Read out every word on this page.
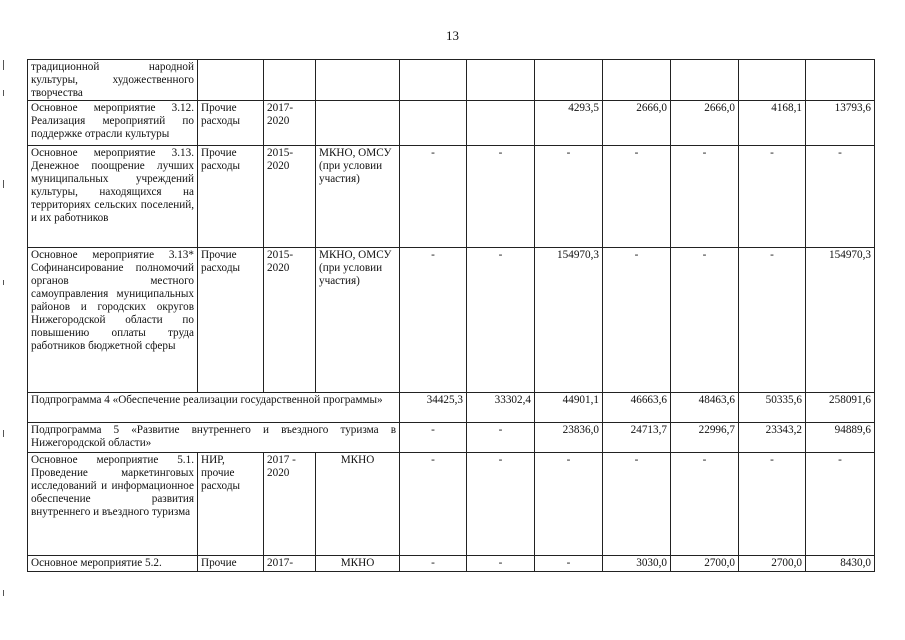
13
традиционной народной культуры, художественного творчества										
Основное мероприятие 3.12. Реализация мероприятий по поддержке отрасли культуры	Прочие расходы	2017-2020				4293,5	2666,0	2666,0	4168,1	13793,6
Основное мероприятие 3.13. Денежное поощрение лучших муниципальных учреждений культуры, находящихся на территориях сельских поселений, и их работников	Прочие расходы	2015-2020	МКНО, ОМСУ (при условии участия)	-	-	-	-	-	-	-
Основное мероприятие 3.13* Софинансирование полномочий органов местного самоуправления муниципальных районов и городских округов Нижегородской области по повышению оплаты труда работников бюджетной сферы	Прочие расходы	2015-2020	МКНО, ОМСУ (при условии участия)	-	-	154970,3	-	-	-	154970,3
Подпрограмма 4 «Обеспечение реализации государственной программы»				34425,3	33302,4	44901,1	46663,6	48463,6	50335,6	258091,6
Подпрограмма 5 «Развитие внутреннего и въездного туризма в Нижегородской области»				-	-	23836,0	24713,7	22996,7	23343,2	94889,6
Основное мероприятие 5.1. Проведение маркетинговых исследований и информационное обеспечение развития внутреннего и въездного туризма	НИР, прочие расходы	2017 - 2020	МКНО	-	-	-	-	-	-	-
Основное мероприятие 5.2.	Прочие	2017-	МКНО	-	-	-	3030,0	2700,0	2700,0	8430,0
